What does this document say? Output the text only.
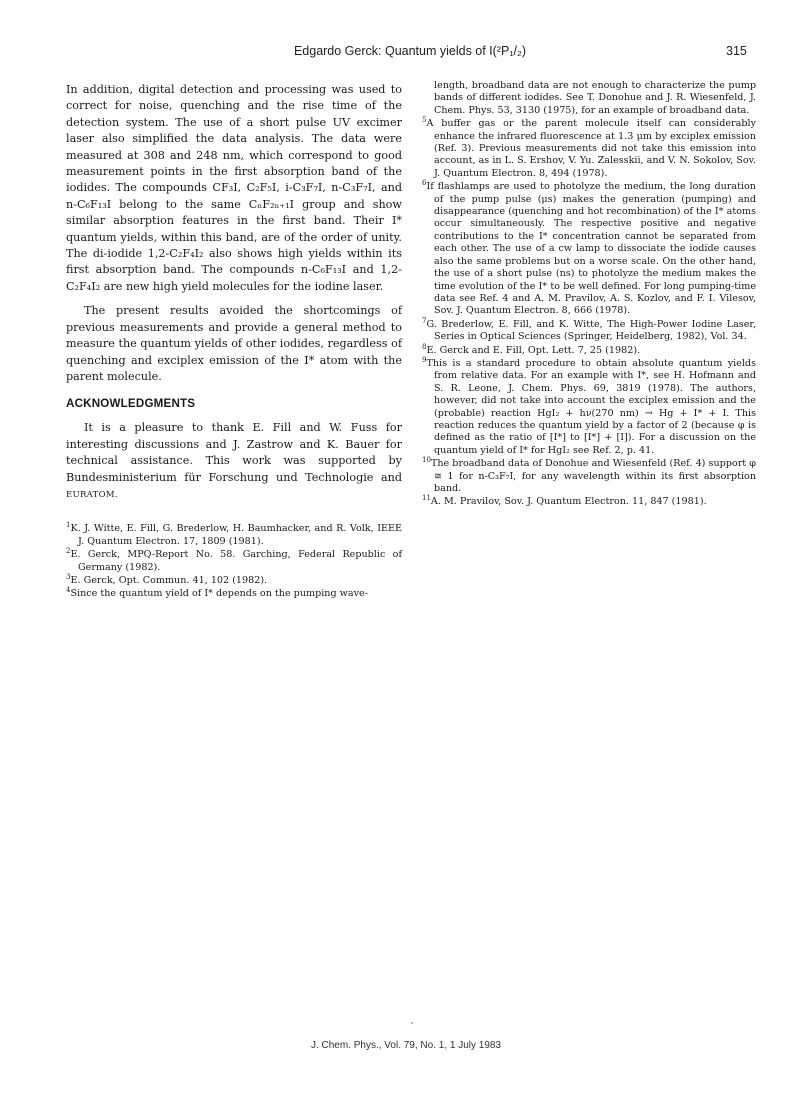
Edgardo Gerck: Quantum yields of I(²P₁/₂)	315

In addition, digital detection and processing was used to correct for noise, quenching and the rise time of the detection system. The use of a short pulse UV excimer laser also simplified the data analysis. The data were measured at 308 and 248 nm, which correspond to good measurement points in the first absorption band of the iodides. The compounds CF₃I, C₂F₅I, i-C₃F₇I, n-C₃F₇I, and n-C₆F₁₃I belong to the same CₙF₂ₙ₊₁I group and show similar absorption features in the first band. Their I* quantum yields, within this band, are of the order of unity. The di-iodide 1,2-C₂F₄I₂ also shows high yields within its first absorption band. The compounds n-C₆F₁₃I and 1,2-C₂F₄I₂ are new high yield molecules for the iodine laser.

The present results avoided the shortcomings of previous measurements and provide a general method to measure the quantum yields of other iodides, regardless of quenching and exciplex emission of the I* atom with the parent molecule.

ACKNOWLEDGMENTS

It is a pleasure to thank E. Fill and W. Fuss for interesting discussions and J. Zastrow and K. Bauer for technical assistance. This work was supported by Bundesministerium für Forschung und Technologie and EURATOM.

$^1$K. J. Witte, E. Fill, G. Brederlow, H. Baumhacker, and R. Volk, IEEE J. Quantum Electron. 17, 1809 (1981).

$^2$E. Gerck, MPQ-Report No. 58. Garching, Federal Republic of Germany (1982).

$^3$E. Gerck, Opt. Commun. 41, 102 (1982).

$^4$Since the quantum yield of I* depends on the pumping wave-

length, broadband data are not enough to characterize the pump bands of different iodides. See T. Donohue and J. R. Wiesenfeld, J. Chem. Phys. 53, 3130 (1975), for an example of broadband data.

$^5$A buffer gas or the parent molecule itself can considerably enhance the infrared fluorescence at 1.3 μm by exciplex emission (Ref. 3). Previous measurements did not take this emission into account, as in L. S. Ershov, V. Yu. Zalesskii, and V. N. Sokolov, Sov. J. Quantum Electron. 8, 494 (1978).

$^6$If flashlamps are used to photolyze the medium, the long duration of the pump pulse (μs) makes the generation (pumping) and disappearance (quenching and hot recombination) of the I* atoms occur simultaneously. The respective positive and negative contributions to the I* concentration cannot be separated from each other. The use of a cw lamp to dissociate the iodide causes also the same problems but on a worse scale. On the other hand, the use of a short pulse (ns) to photolyze the medium makes the time evolution of the I* to be well defined. For long pumping-time data see Ref. 4 and A. M. Pravilov, A. S. Kozlov, and F. I. Vilesov, Sov. J. Quantum Electron. 8, 666 (1978).

$^7$G. Brederlow, E. Fill, and K. Witte, The High-Power Iodine Laser, Series in Optical Sciences (Springer, Heidelberg, 1982), Vol. 34.

$^8$E. Gerck and E. Fill, Opt. Lett. 7, 25 (1982).

$^9$This is a standard procedure to obtain absolute quantum yields from relative data. For an example with I*, see H. Hofmann and S. R. Leone, J. Chem. Phys. 69, 3819 (1978). The authors, however, did not take into account the exciplex emission and the (probable) reaction HgI₂ + hν(270 nm) → Hg + I* + I. This reaction reduces the quantum yield by a factor of 2 (because φ is defined as the ratio of [I*] to [I*] + [I]). For a discussion on the quantum yield of I* for HgI₂ see Ref. 2, p. 41.

$^{10}$The broadband data of Donohue and Wiesenfeld (Ref. 4) support φ ≅ 1 for n-C₃F₇I, for any wavelength within its first absorption band.

$^{11}$A. M. Pravilov, Sov. J. Quantum Electron. 11, 847 (1981).

J. Chem. Phys., Vol. 79, No. 1, 1 July 1983
